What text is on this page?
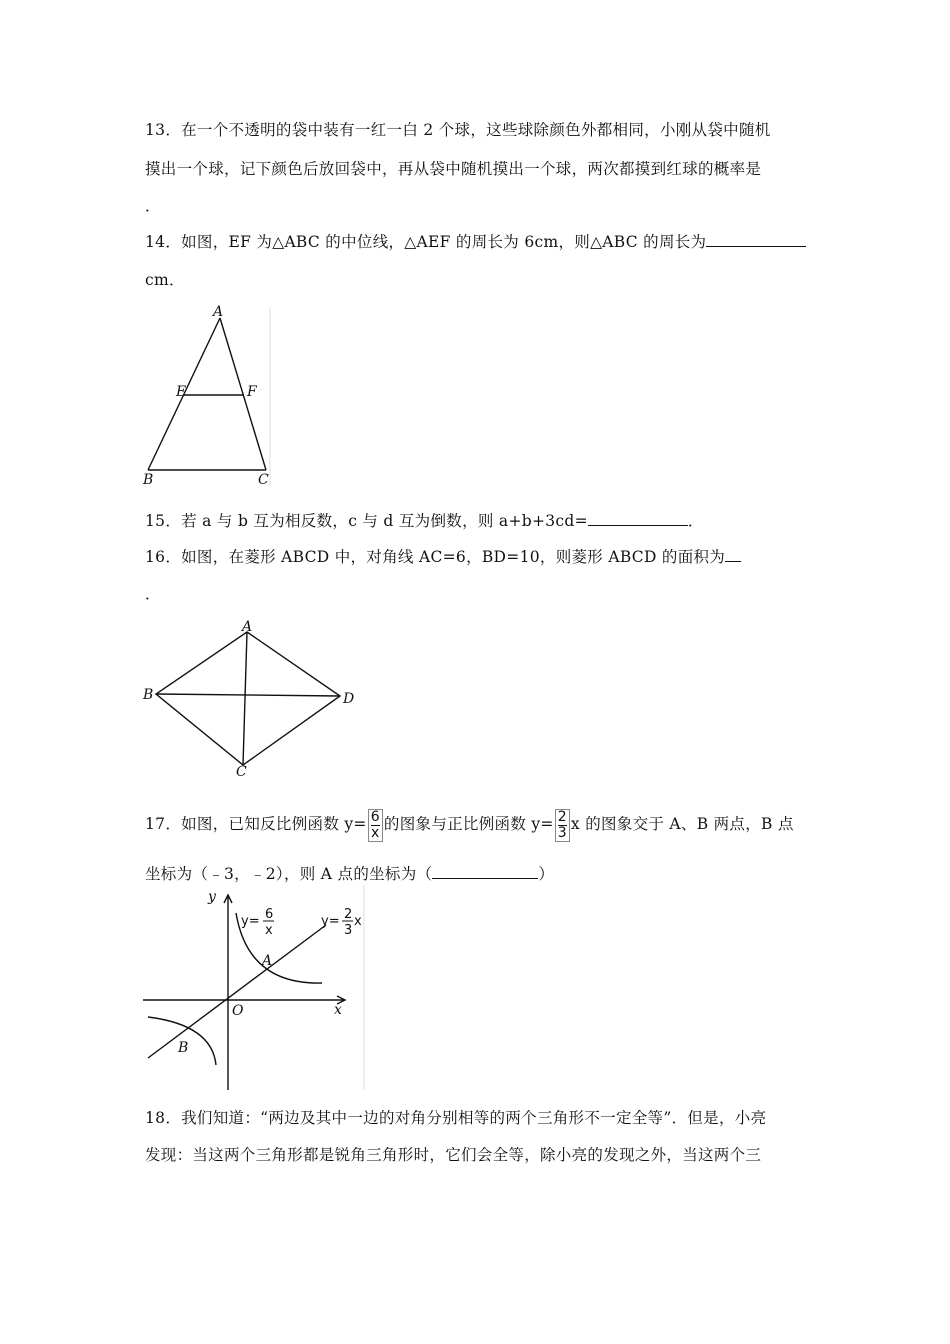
13．在一个不透明的袋中装有一红一白 2 个球，这些球除颜色外都相同，小刚从袋中随机
摸出一个球，记下颜色后放回袋中，再从袋中随机摸出一个球，两次都摸到红球的概率是
．
14．如图，EF 为△ABC 的中位线，△AEF 的周长为 6cm，则△ABC 的周长为
cm．
A
E	F
B	C
15．若 a 与 b 互为相反数，c 与 d 互为倒数，则 a+b+3cd=	．
16．如图，在菱形 ABCD 中，对角线 AC=6，BD=10，则菱形 ABCD 的面积为
．
A
B	D
C
17．如图，已知反比例函数 $y= \frac{6}{x}$ 的图象与正比例函数 $y= \frac{2}{3}$ x 的图象交于 A、B 两点，B 点
坐标为（﹣3，﹣2），则 A 点的坐标为（	）
y
x
O
A
B
y= 6
x
y= 2
3
x
18．我们知道：“两边及其中一边的对角分别相等的两个三角形不一定全等”．但是，小亮
发现：当这两个三角形都是锐角三角形时，它们会全等，除小亮的发现之外，当这两个三
